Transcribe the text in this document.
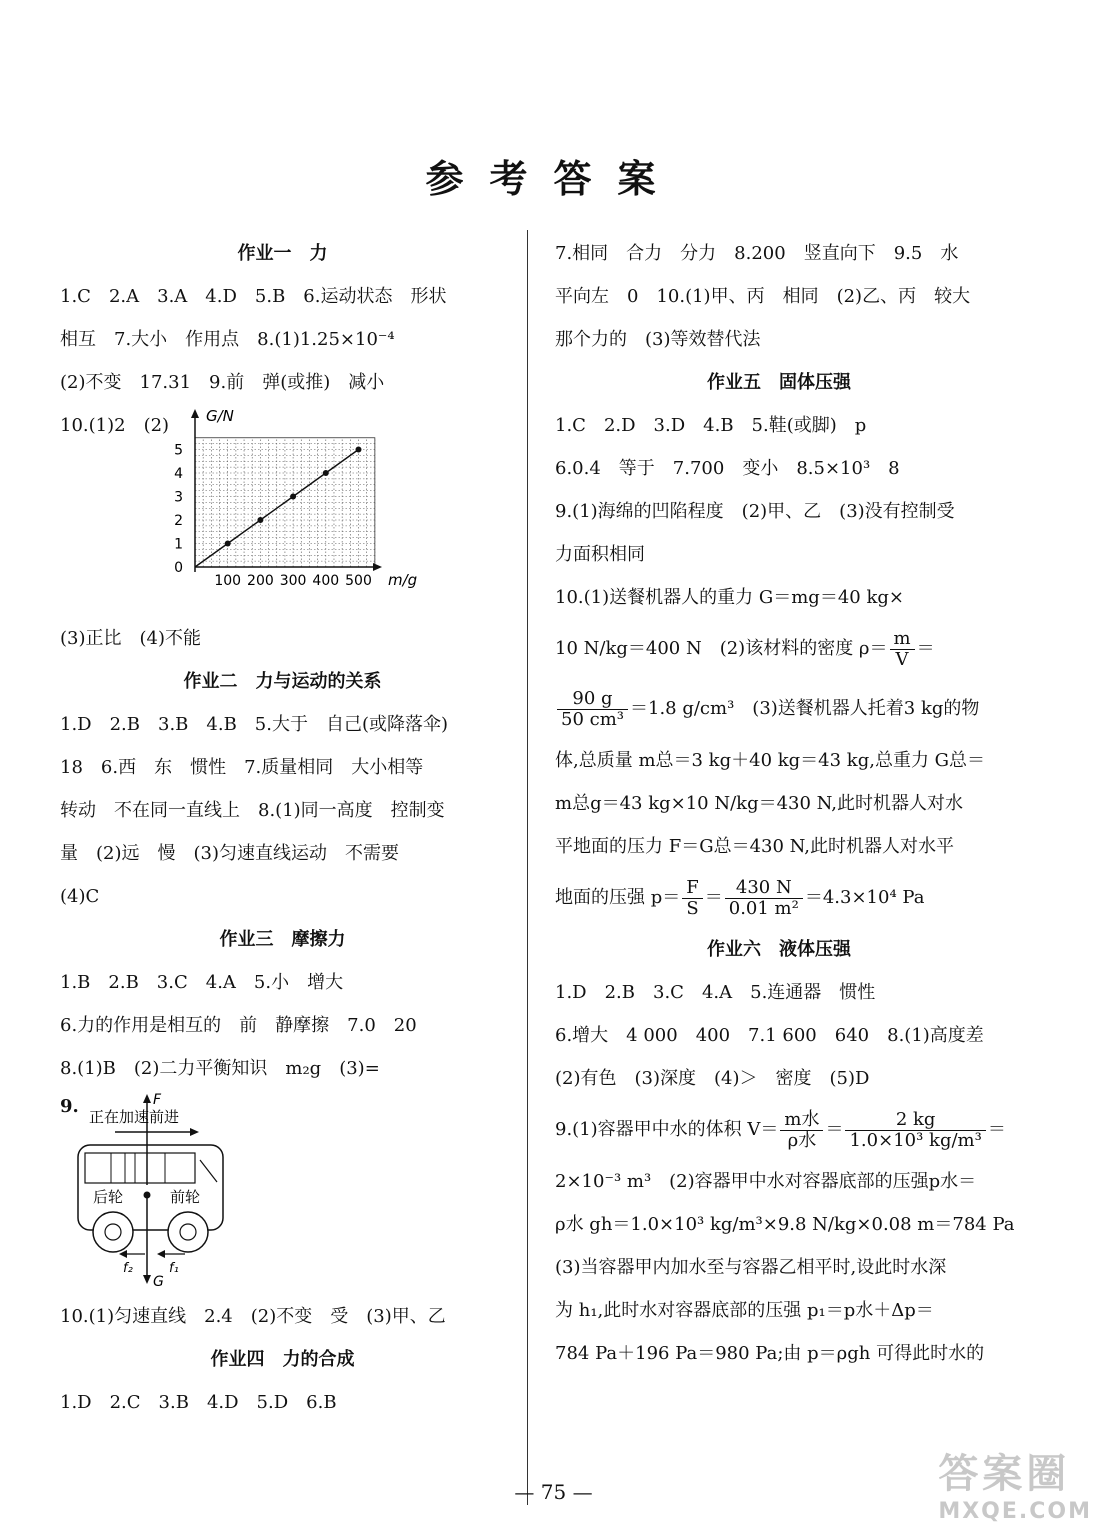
参考答案
作业一　力
1.C　2.A　3.A　4.D　5.B　6.运动状态　形状
相互　7.大小　作用点　8.(1)1.25×10⁻⁴
(2)不变　17.31　9.前　弹(或推)　减小
10.(1)2　(2)	G/N
m/g
0
1
2
3
4
5
100 200 300 400 500
(3)正比　(4)不能
作业二　力与运动的关系
1.D　2.B　3.B　4.B　5.大于　自己(或降落伞)
18　6.西　东　惯性　7.质量相同　大小相等
转动　不在同一直线上　8.(1)同一高度　控制变
量　(2)远　慢　(3)匀速直线运动　不需要
(4)C
作业三　摩擦力
1.B　2.B　3.C　4.A　5.小　增大
6.力的作用是相互的　前　静摩擦　7.0　20
8.(1)B　(2)二力平衡知识　m₂g　(3)=
9.	F
正在加速前进
后轮	前轮
G
f₂	f₁
10.(1)匀速直线　2.4　(2)不变　受　(3)甲、乙
作业四　力的合成
1.D　2.C　3.B　4.D　5.D　6.B
7.相同　合力　分力　8.200　竖直向下　9.5　水
平向左　0　10.(1)甲、丙　相同　(2)乙、丙　较大
那个力的　(3)等效替代法
作业五　固体压强
1.C　2.D　3.D　4.B　5.鞋(或脚)　p
6.0.4　等于　7.700　变小　8.5×10³　8
9.(1)海绵的凹陷程度　(2)甲、乙　(3)没有控制受
力面积相同
10.(1)送餐机器人的重力 G＝mg＝40 kg×
10 N/kg＝400 N　(2)该材料的密度 $\rho= \frac{m}{V}$ ＝
$\frac{90 g}{\text{50 cm³}} =1.8$ g/cm³　(3)送餐机器人托着3 kg的物
体,总质量 m总＝3 kg＋40 kg＝43 kg,总重力 G总＝
m总g＝43 kg×10 N/kg＝430 N,此时机器人对水
平地面的压力 F＝G总＝430 N,此时机器人对水平
地面的压强 $p= \frac{F}{S} = \frac{430 N}{\text{0.01 m²}} =4.3\times 10^4$ Pa
作业六　液体压强
1.D　2.B　3.C　4.A　5.连通器　惯性
6.增大　4 000　400　7.1 600　640　8.(1)高度差
(2)有色　(3)深度　(4)＞　密度　(5)D
9.(1)容器甲中水的体积 $V= \frac{\text{m水}}{\text{ρ水}} = \frac{2 kg}{\text{1.0×10³ kg/m³}}$ ＝
2×10⁻³ m³　(2)容器甲中水对容器底部的压强p水＝
ρ水 gh＝1.0×10³ kg/m³×9.8 N/kg×0.08 m＝784 Pa
(3)当容器甲内加水至与容器乙相平时,设此时水深
为 h₁,此时水对容器底部的压强 p₁＝p水＋Δp＝
784 Pa＋196 Pa＝980 Pa;由 p＝ρgh 可得此时水的
— 75 —	答案圈
MXQE.COM
